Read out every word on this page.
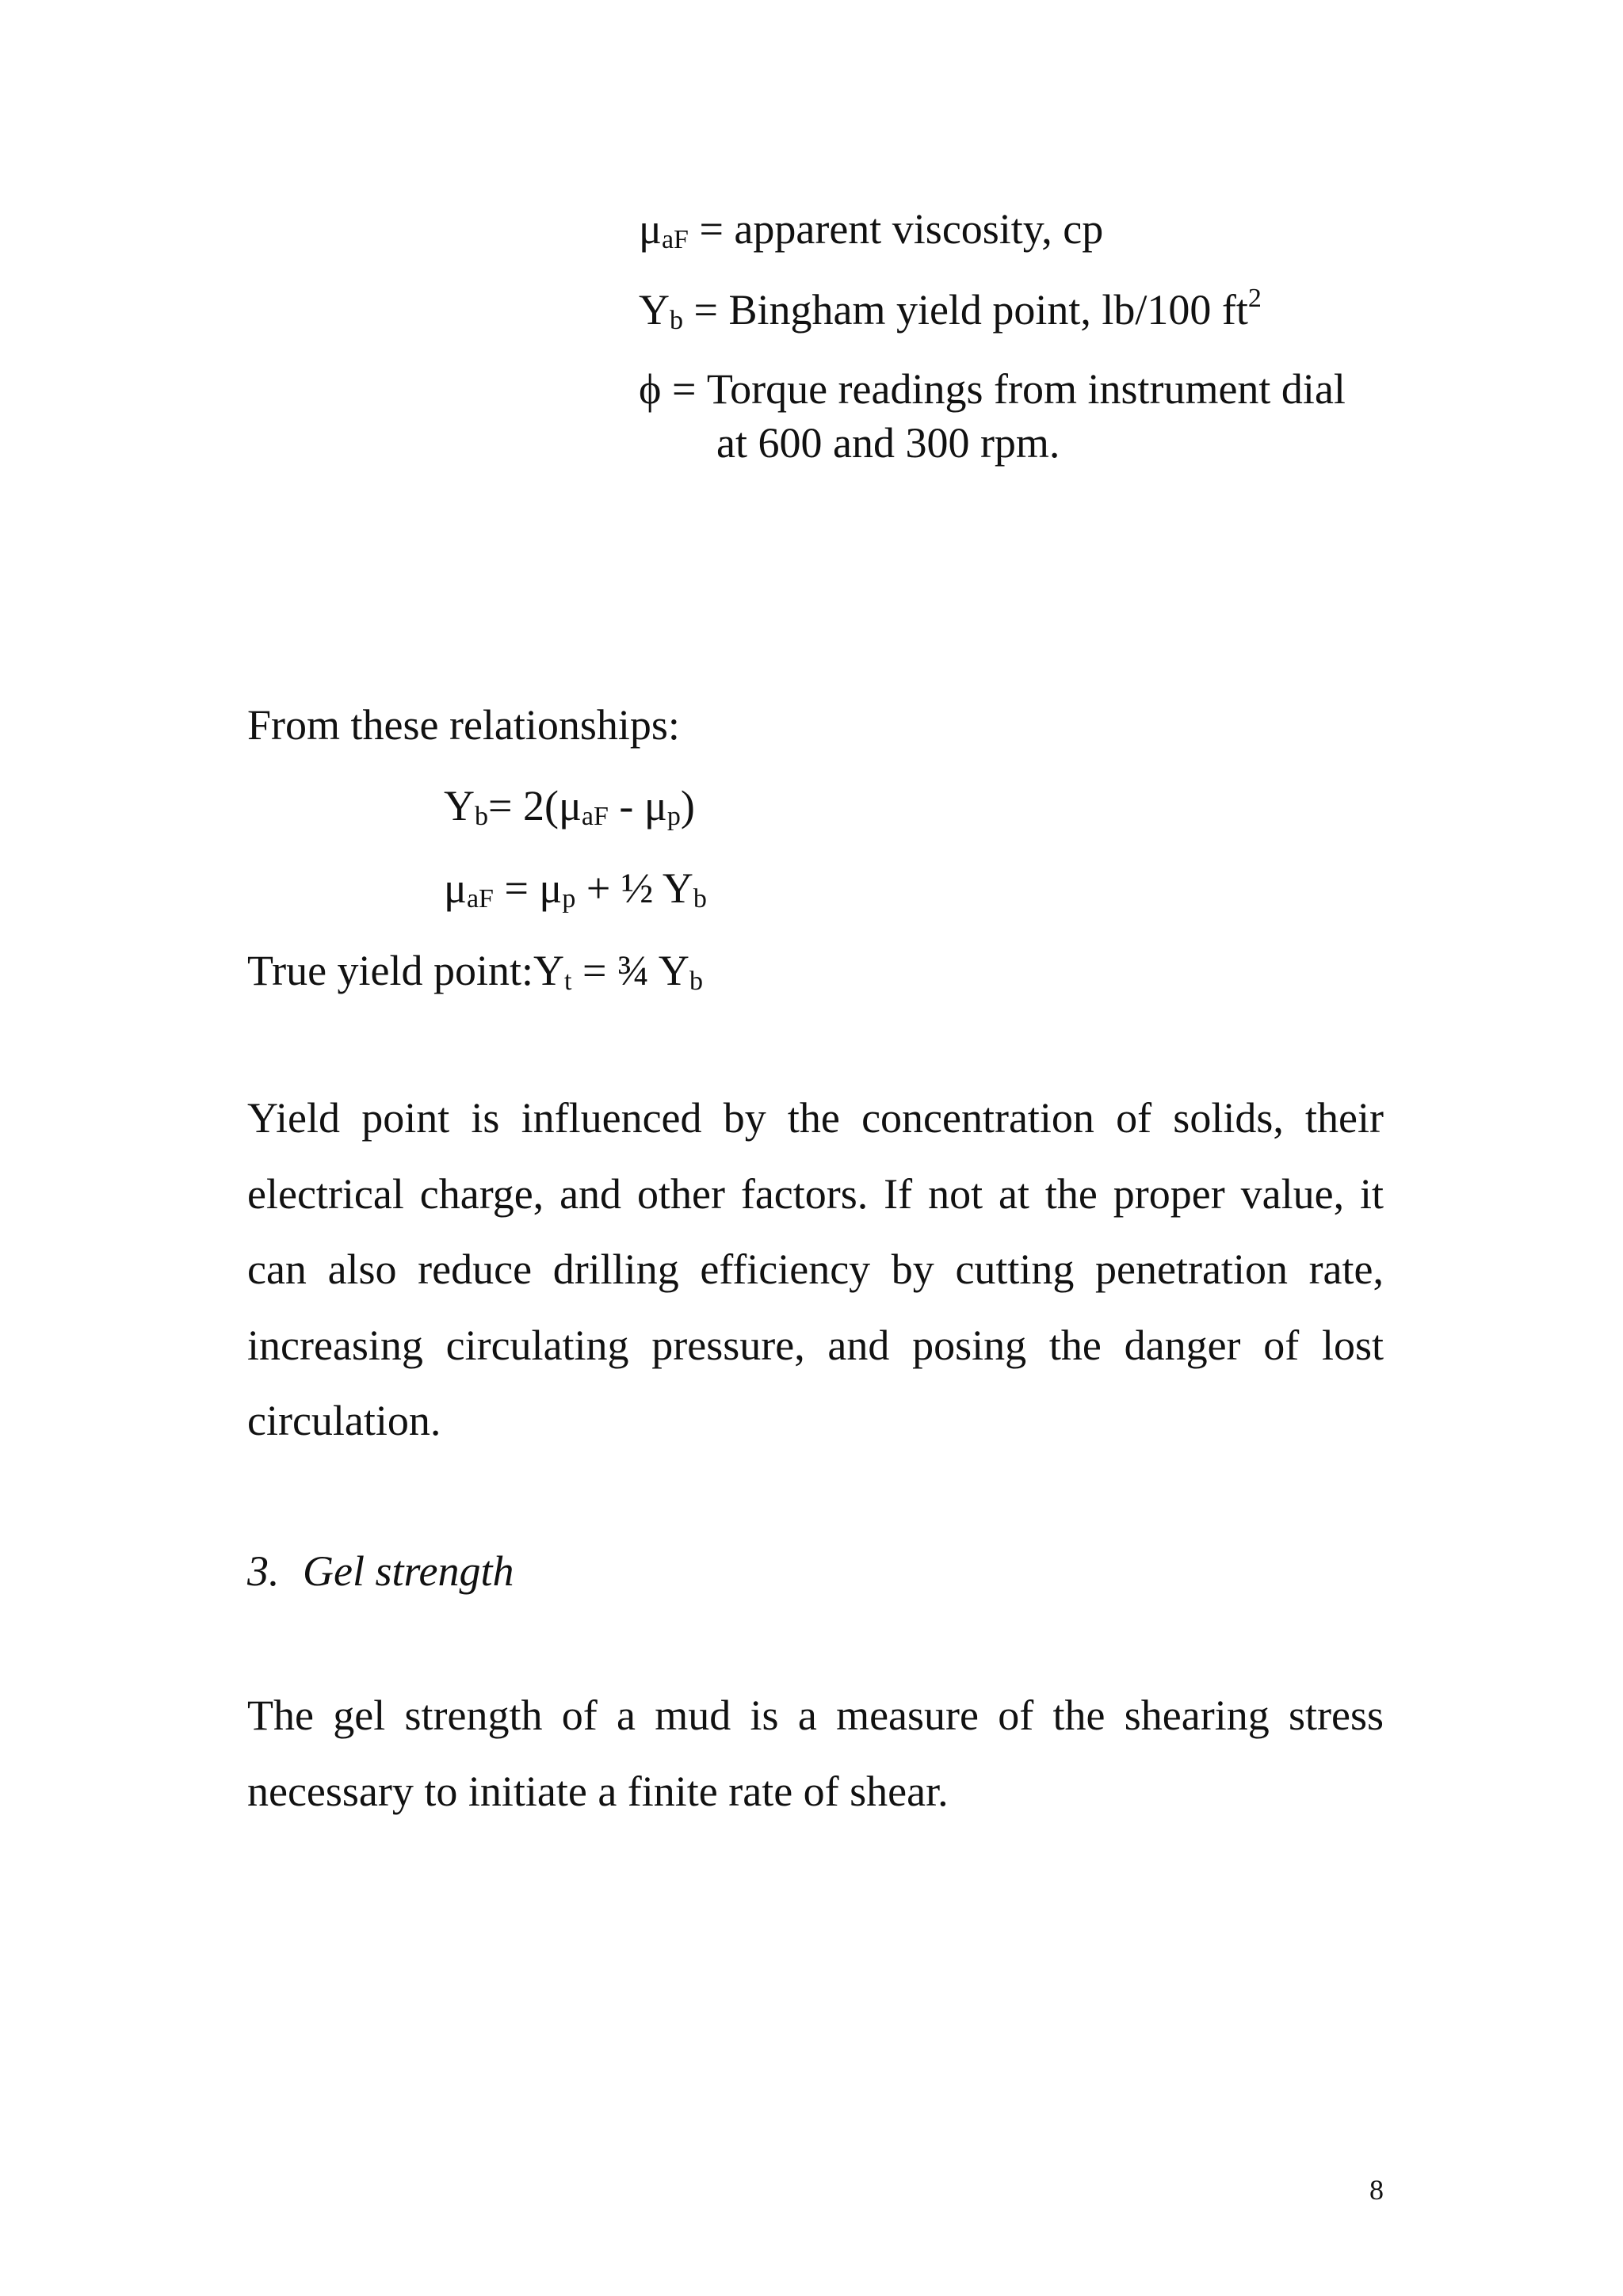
$\mu_{aF}$ = apparent viscosity, cp
$Y_b$ = Bingham yield point, lb/100 $ft^2$
ϕ = Torque readings from instrument dial
at 600 and 300 rpm.
From these relationships:
$Y_b= 2(\mu_{aF} - \mu_p)$
$\mu_{aF} = \mu_p$ + ½ $Y_b$
True yield $point:Y_t$ = ¾ $Y_b$
Yield point is influenced by the concentration of solids, their electrical charge, and other factors. If not at the proper value, it can also reduce drilling efficiency by cutting penetration rate, increasing circulating pressure, and posing the danger of lost circulation.
3. Gel strength
The gel strength of a mud is a measure of the shearing stress necessary to initiate a finite rate of shear.
8
